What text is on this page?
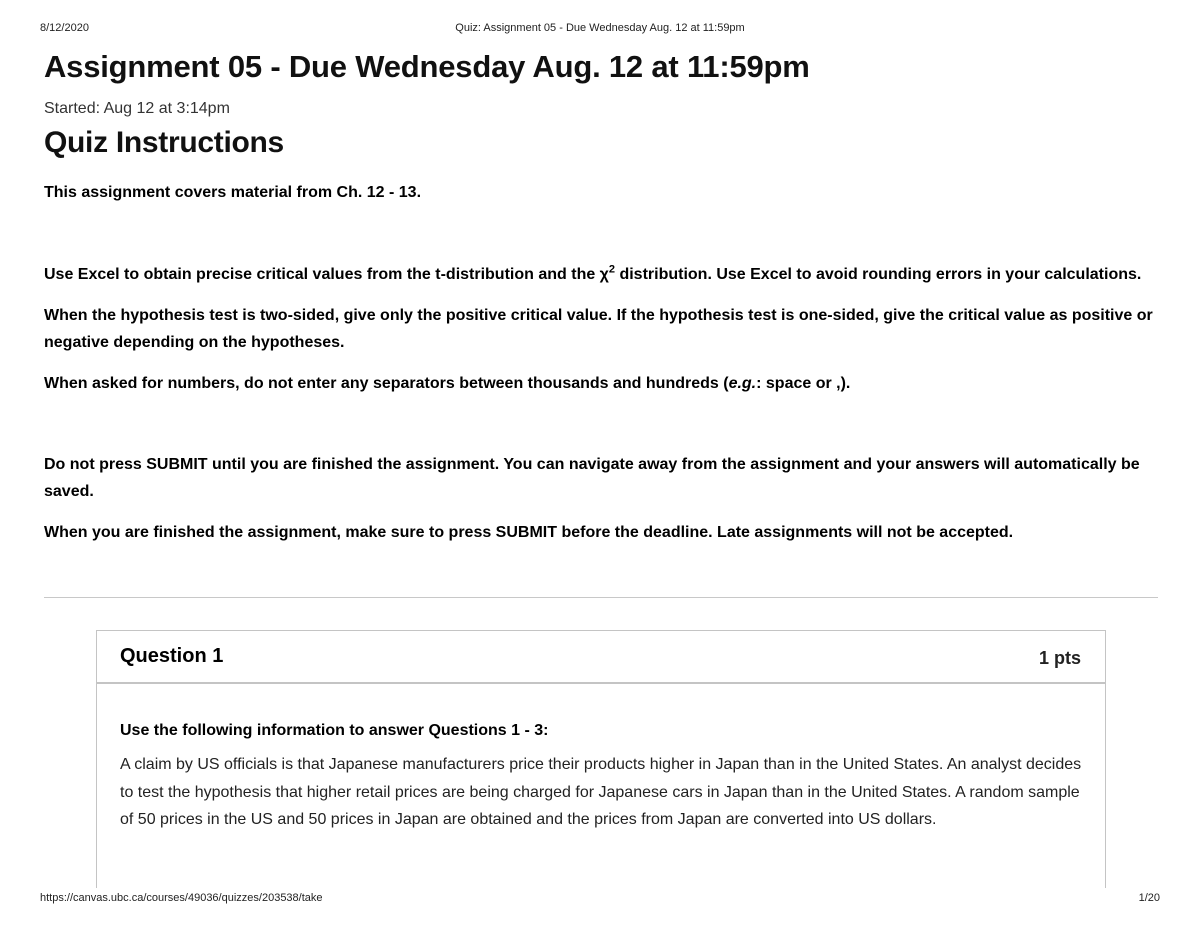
8/12/2020	Quiz: Assignment 05 - Due Wednesday Aug. 12 at 11:59pm
Assignment 05 - Due Wednesday Aug. 12 at 11:59pm
Started: Aug 12 at 3:14pm
Quiz Instructions

This assignment covers material from Ch. 12 - 13.

Use Excel to obtain precise critical values from the t-distribution and the $\chi^2$ distribution. Use Excel to avoid rounding errors in your calculations.

When the hypothesis test is two-sided, give only the positive critical value. If the hypothesis test is one-sided, give the critical value as positive or negative depending on the hypotheses.

When asked for numbers, do not enter any separators between thousands and hundreds (e.g.: space or ,).

Do not press SUBMIT until you are finished the assignment. You can navigate away from the assignment and your answers will automatically be saved.

When you are finished the assignment, make sure to press SUBMIT before the deadline. Late assignments will not be accepted.

Question 1	1 pts
Use the following information to answer Questions 1 - 3:
A claim by US officials is that Japanese manufacturers price their products higher in Japan than in the United States. An analyst decides to test the hypothesis that higher retail prices are being charged for Japanese cars in Japan than in the United States. A random sample of 50 prices in the US and 50 prices in Japan are obtained and the prices from Japan are converted into US dollars.
https://canvas.ubc.ca/courses/49036/quizzes/203538/take	1/20
